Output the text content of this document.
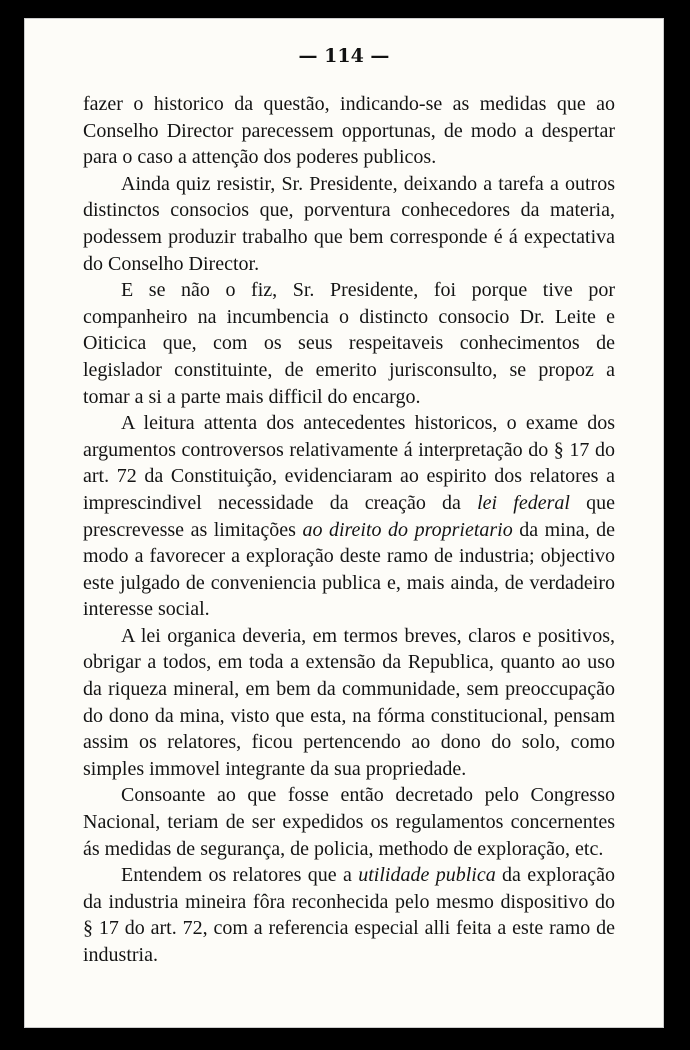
— 114 —

fazer o historico da questão, indicando-se as medidas que ao Conselho Director parecessem opportunas, de modo a despertar para o caso a attenção dos poderes publicos.

Ainda quiz resistir, Sr. Presidente, deixando a tarefa a outros distinctos consocios que, porventura conhecedores da materia, podessem produzir trabalho que bem corresponde é á expectativa do Conselho Director.

E se não o fiz, Sr. Presidente, foi porque tive por companheiro na incumbencia o distincto consocio Dr. Leite e Oiticica que, com os seus respeitaveis conhecimentos de legislador constituinte, de emerito jurisconsulto, se propoz a tomar a si a parte mais difficil do encargo.

A leitura attenta dos antecedentes historicos, o exame dos argumentos controversos relativamente á interpretação do § 17 do art. 72 da Constituição, evidenciaram ao espirito dos relatores a imprescindivel necessidade da creação da lei federal que prescrevesse as limitações ao direito do proprietario da mina, de modo a favorecer a exploração deste ramo de industria; objectivo este julgado de conveniencia publica e, mais ainda, de verdadeiro interesse social.

A lei organica deveria, em termos breves, claros e positivos, obrigar a todos, em toda a extensão da Republica, quanto ao uso da riqueza mineral, em bem da communidade, sem preoccupação do dono da mina, visto que esta, na fórma constitucional, pensam assim os relatores, ficou pertencendo ao dono do solo, como simples immovel integrante da sua propriedade.

Consoante ao que fosse então decretado pelo Congresso Nacional, teriam de ser expedidos os regulamentos concernentes ás medidas de segurança, de policia, methodo de exploração, etc.

Entendem os relatores que a utilidade publica da exploração da industria mineira fôra reconhecida pelo mesmo dispositivo do § 17 do art. 72, com a referencia especial alli feita a este ramo de industria.
